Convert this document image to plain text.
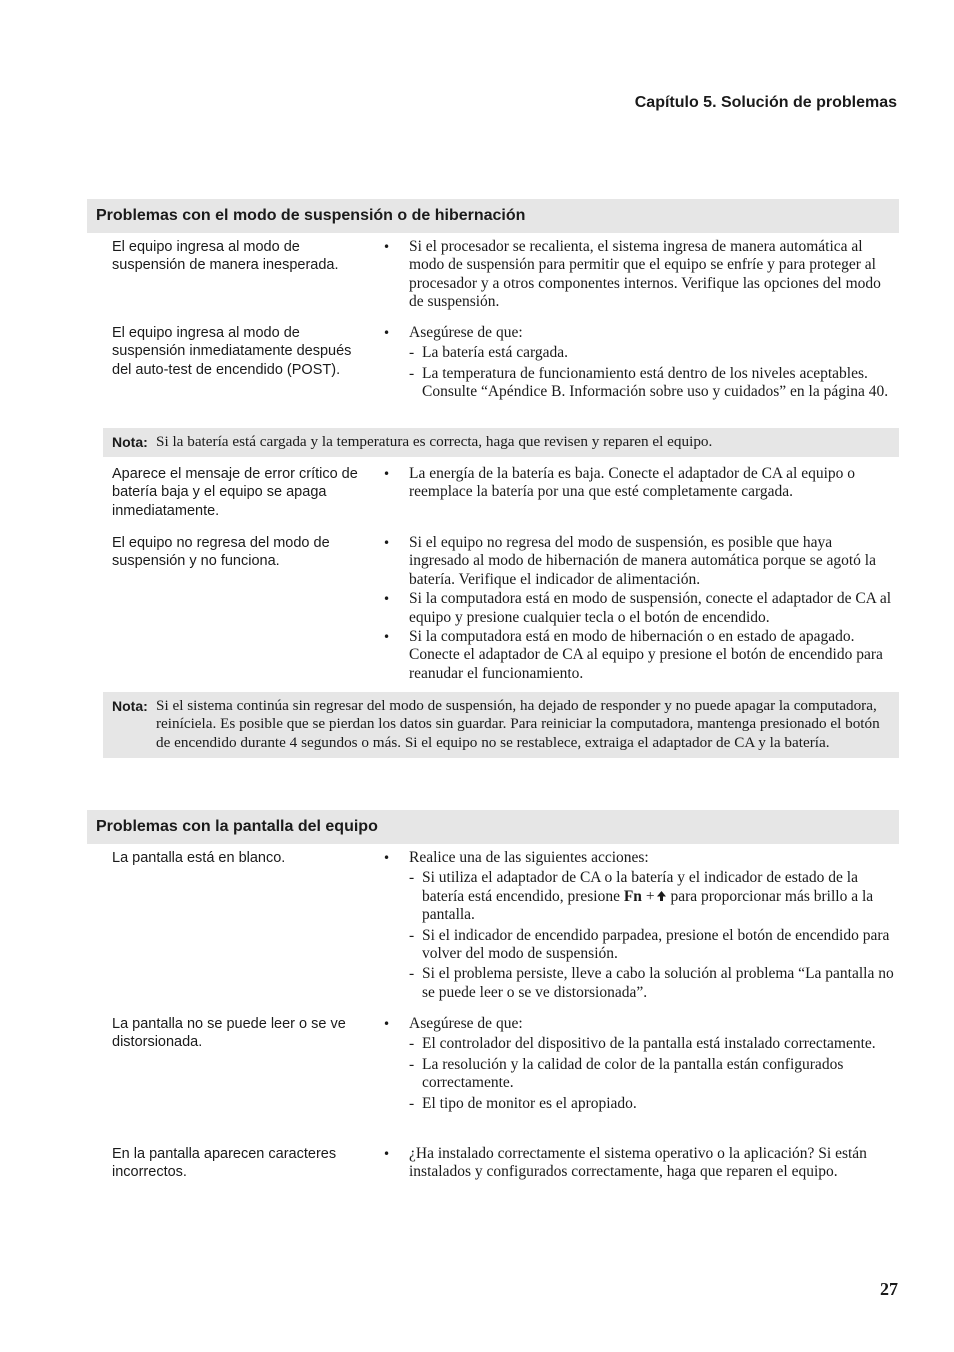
Capítulo 5. Solución de problemas
Problemas con el modo de suspensión o de hibernación
El equipo ingresa al modo de suspensión de manera inesperada.
• Si el procesador se recalienta, el sistema ingresa de manera automática al modo de suspensión para permitir que el equipo se enfríe y para proteger al procesador y a otros componentes internos. Verifique las opciones del modo de suspensión.
El equipo ingresa al modo de suspensión inmediatamente después del auto-test de encendido (POST).
• Asegúrese de que:
- La batería está cargada.
- La temperatura de funcionamiento está dentro de los niveles aceptables. Consulte “Apéndice B. Información sobre uso y cuidados” en la página 40.
Nota: Si la batería está cargada y la temperatura es correcta, haga que revisen y reparen el equipo.
Aparece el mensaje de error crítico de batería baja y el equipo se apaga inmediatamente.
• La energía de la batería es baja. Conecte el adaptador de CA al equipo o reemplace la batería por una que esté completamente cargada.
El equipo no regresa del modo de suspensión y no funciona.
• Si el equipo no regresa del modo de suspensión, es posible que haya ingresado al modo de hibernación de manera automática porque se agotó la batería. Verifique el indicador de alimentación.
• Si la computadora está en modo de suspensión, conecte el adaptador de CA al equipo y presione cualquier tecla o el botón de encendido.
• Si la computadora está en modo de hibernación o en estado de apagado. Conecte el adaptador de CA al equipo y presione el botón de encendido para reanudar el funcionamiento.
Nota: Si el sistema continúa sin regresar del modo de suspensión, ha dejado de responder y no puede apagar la computadora, reiníciela. Es posible que se pierdan los datos sin guardar. Para reiniciar la computadora, mantenga presionado el botón de encendido durante 4 segundos o más. Si el equipo no se restablece, extraiga el adaptador de CA y la batería.
Problemas con la pantalla del equipo
La pantalla está en blanco.	• Realice una de las siguientes acciones:
- Si utiliza el adaptador de CA o la batería y el indicador de estado de la batería está encendido, presione Fn + para proporcionar más brillo a la pantalla.
- Si el indicador de encendido parpadea, presione el botón de encendido para volver del modo de suspensión.
- Si el problema persiste, lleve a cabo la solución al problema “La pantalla no se puede leer o se ve distorsionada”.
La pantalla no se puede leer o se ve distorsionada.
• Asegúrese de que:
- El controlador del dispositivo de la pantalla está instalado correctamente.
- La resolución y la calidad de color de la pantalla están configurados correctamente.
- El tipo de monitor es el apropiado.
En la pantalla aparecen caracteres incorrectos.
• ¿Ha instalado correctamente el sistema operativo o la aplicación? Si están instalados y configurados correctamente, haga que reparen el equipo.
27
